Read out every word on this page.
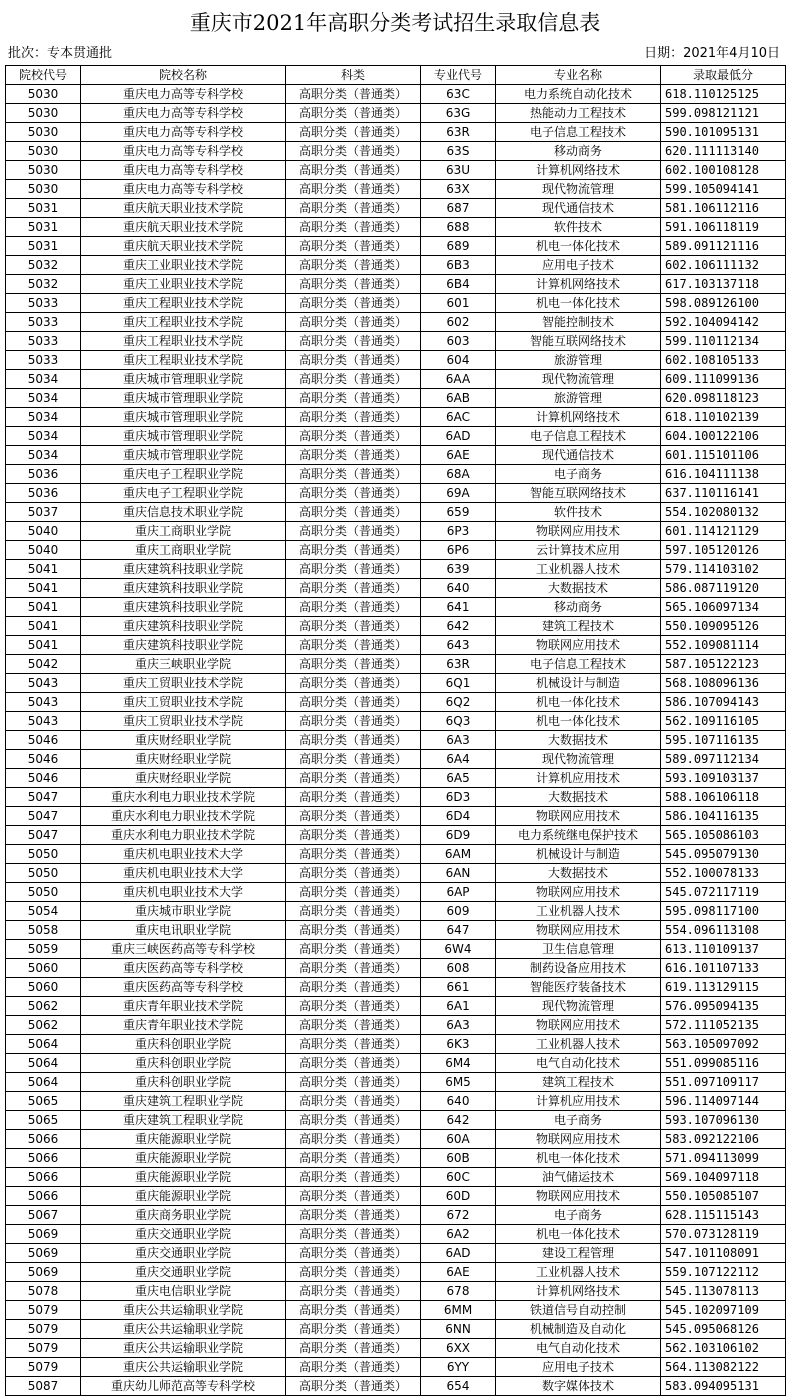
重庆市2021年高职分类考试招生录取信息表
批次：专本贯通批	日期：2021年4月10日
院校代号	院校名称	科类	专业代号	专业名称	录取最低分
5030	重庆电力高等专科学校	高职分类（普通类）	63C	电力系统自动化技术	618.110125125
5030	重庆电力高等专科学校	高职分类（普通类）	63G	热能动力工程技术	599.098121121
5030	重庆电力高等专科学校	高职分类（普通类）	63R	电子信息工程技术	590.101095131
5030	重庆电力高等专科学校	高职分类（普通类）	63S	移动商务	620.111113140
5030	重庆电力高等专科学校	高职分类（普通类）	63U	计算机网络技术	602.100108128
5030	重庆电力高等专科学校	高职分类（普通类）	63X	现代物流管理	599.105094141
5031	重庆航天职业技术学院	高职分类（普通类）	687	现代通信技术	581.106112116
5031	重庆航天职业技术学院	高职分类（普通类）	688	软件技术	591.106118119
5031	重庆航天职业技术学院	高职分类（普通类）	689	机电一体化技术	589.091121116
5032	重庆工业职业技术学院	高职分类（普通类）	6B3	应用电子技术	602.106111132
5032	重庆工业职业技术学院	高职分类（普通类）	6B4	计算机网络技术	617.103137118
5033	重庆工程职业技术学院	高职分类（普通类）	601	机电一体化技术	598.089126100
5033	重庆工程职业技术学院	高职分类（普通类）	602	智能控制技术	592.104094142
5033	重庆工程职业技术学院	高职分类（普通类）	603	智能互联网络技术	599.110112134
5033	重庆工程职业技术学院	高职分类（普通类）	604	旅游管理	602.108105133
5034	重庆城市管理职业学院	高职分类（普通类）	6AA	现代物流管理	609.111099136
5034	重庆城市管理职业学院	高职分类（普通类）	6AB	旅游管理	620.098118123
5034	重庆城市管理职业学院	高职分类（普通类）	6AC	计算机网络技术	618.110102139
5034	重庆城市管理职业学院	高职分类（普通类）	6AD	电子信息工程技术	604.100122106
5034	重庆城市管理职业学院	高职分类（普通类）	6AE	现代通信技术	601.115101106
5036	重庆电子工程职业学院	高职分类（普通类）	68A	电子商务	616.104111138
5036	重庆电子工程职业学院	高职分类（普通类）	69A	智能互联网络技术	637.110116141
5037	重庆信息技术职业学院	高职分类（普通类）	659	软件技术	554.102080132
5040	重庆工商职业学院	高职分类（普通类）	6P3	物联网应用技术	601.114121129
5040	重庆工商职业学院	高职分类（普通类）	6P6	云计算技术应用	597.105120126
5041	重庆建筑科技职业学院	高职分类（普通类）	639	工业机器人技术	579.114103102
5041	重庆建筑科技职业学院	高职分类（普通类）	640	大数据技术	586.087119120
5041	重庆建筑科技职业学院	高职分类（普通类）	641	移动商务	565.106097134
5041	重庆建筑科技职业学院	高职分类（普通类）	642	建筑工程技术	550.109095126
5041	重庆建筑科技职业学院	高职分类（普通类）	643	物联网应用技术	552.109081114
5042	重庆三峡职业学院	高职分类（普通类）	63R	电子信息工程技术	587.105122123
5043	重庆工贸职业技术学院	高职分类（普通类）	6Q1	机械设计与制造	568.108096136
5043	重庆工贸职业技术学院	高职分类（普通类）	6Q2	机电一体化技术	586.107094143
5043	重庆工贸职业技术学院	高职分类（普通类）	6Q3	机电一体化技术	562.109116105
5046	重庆财经职业学院	高职分类（普通类）	6A3	大数据技术	595.107116135
5046	重庆财经职业学院	高职分类（普通类）	6A4	现代物流管理	589.097112134
5046	重庆财经职业学院	高职分类（普通类）	6A5	计算机应用技术	593.109103137
5047	重庆水利电力职业技术学院	高职分类（普通类）	6D3	大数据技术	588.106106118
5047	重庆水利电力职业技术学院	高职分类（普通类）	6D4	物联网应用技术	586.104116135
5047	重庆水利电力职业技术学院	高职分类（普通类）	6D9	电力系统继电保护技术	565.105086103
5050	重庆机电职业技术大学	高职分类（普通类）	6AM	机械设计与制造	545.095079130
5050	重庆机电职业技术大学	高职分类（普通类）	6AN	大数据技术	552.100078133
5050	重庆机电职业技术大学	高职分类（普通类）	6AP	物联网应用技术	545.072117119
5054	重庆城市职业学院	高职分类（普通类）	609	工业机器人技术	595.098117100
5058	重庆电讯职业学院	高职分类（普通类）	647	物联网应用技术	554.096113108
5059	重庆三峡医药高等专科学校	高职分类（普通类）	6W4	卫生信息管理	613.110109137
5060	重庆医药高等专科学校	高职分类（普通类）	608	制药设备应用技术	616.101107133
5060	重庆医药高等专科学校	高职分类（普通类）	661	智能医疗装备技术	619.113129115
5062	重庆青年职业技术学院	高职分类（普通类）	6A1	现代物流管理	576.095094135
5062	重庆青年职业技术学院	高职分类（普通类）	6A3	物联网应用技术	572.111052135
5064	重庆科创职业学院	高职分类（普通类）	6K3	工业机器人技术	563.105097092
5064	重庆科创职业学院	高职分类（普通类）	6M4	电气自动化技术	551.099085116
5064	重庆科创职业学院	高职分类（普通类）	6M5	建筑工程技术	551.097109117
5065	重庆建筑工程职业学院	高职分类（普通类）	640	计算机应用技术	596.114097144
5065	重庆建筑工程职业学院	高职分类（普通类）	642	电子商务	593.107096130
5066	重庆能源职业学院	高职分类（普通类）	60A	物联网应用技术	583.092122106
5066	重庆能源职业学院	高职分类（普通类）	60B	机电一体化技术	571.094113099
5066	重庆能源职业学院	高职分类（普通类）	60C	油气储运技术	569.104097118
5066	重庆能源职业学院	高职分类（普通类）	60D	物联网应用技术	550.105085107
5067	重庆商务职业学院	高职分类（普通类）	672	电子商务	628.115115143
5069	重庆交通职业学院	高职分类（普通类）	6A2	机电一体化技术	570.073128119
5069	重庆交通职业学院	高职分类（普通类）	6AD	建设工程管理	547.101108091
5069	重庆交通职业学院	高职分类（普通类）	6AE	工业机器人技术	559.107122112
5078	重庆电信职业学院	高职分类（普通类）	678	计算机网络技术	545.113078113
5079	重庆公共运输职业学院	高职分类（普通类）	6MM	铁道信号自动控制	545.102097109
5079	重庆公共运输职业学院	高职分类（普通类）	6NN	机械制造及自动化	545.095068126
5079	重庆公共运输职业学院	高职分类（普通类）	6XX	电气自动化技术	562.103106102
5079	重庆公共运输职业学院	高职分类（普通类）	6YY	应用电子技术	564.113082122
5087	重庆幼儿师范高等专科学校	高职分类（普通类）	654	数字媒体技术	583.094095131
